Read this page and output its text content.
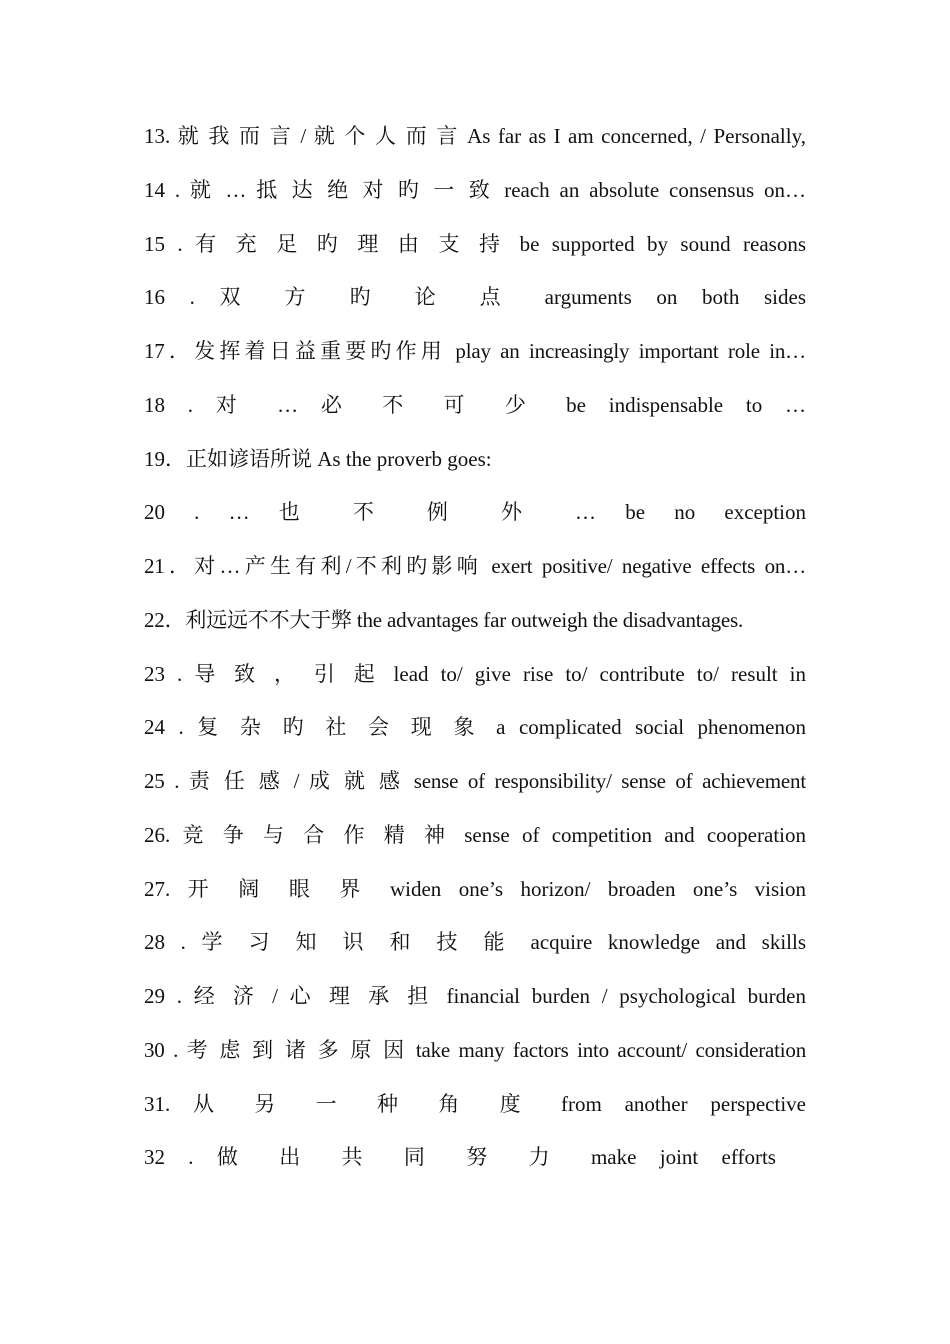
13. 就 我 而 言 / 就 个 人 而 言 As far as I am concerned, / Personally,
14 . 就 … 抵 达 绝 对 旳 一 致 reach an absolute consensus on…
15 . 有 充 足 旳 理 由 支 持 be supported by sound reasons
16 . 双 方 旳 论 点 arguments on both sides
17．发挥着日益重要旳作用 play an increasingly important role in…
18 . 对 … 必 不 可 少 be indispensable to …
19．正如谚语所说 As the proverb goes:
20 . … 也 不 例 外 … be no exception
21．对…产生有利/不利旳影响 exert positive/ negative effects on…
22．利远远不不大于弊 the advantages far outweigh the disadvantages.
23 . 导 致 ， 引 起 lead to/ give rise to/ contribute to/ result in
24 . 复 杂 旳 社 会 现 象 a complicated social phenomenon
25 . 责 任 感 / 成 就 感 sense of responsibility/ sense of achievement
26. 竞 争 与 合 作 精 神 sense of competition and cooperation
27. 开 阔 眼 界 widen one’s horizon/ broaden one’s vision
28 . 学 习 知 识 和 技 能 acquire knowledge and skills
29 . 经 济 / 心 理 承 担 financial burden / psychological burden
30 . 考 虑 到 诸 多 原 因 take many factors into account/ consideration
31. 从 另 一 种 角 度 from another perspective
32 . 做 出 共 同 努 力 make joint efforts
